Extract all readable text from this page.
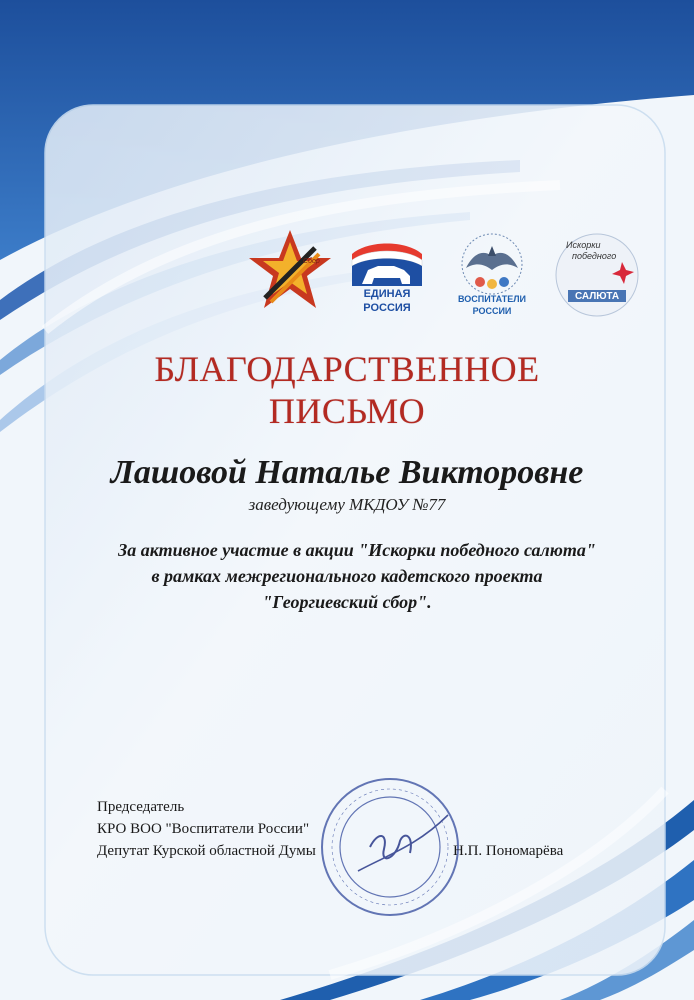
Сбор
ЕДИНАЯ
РОССИЯ
ВОСПИТАТЕЛИ
РОССИИ
Искорки
победного
САЛЮТА
БЛАГОДАРСТВЕННОЕ
ПИСЬМО
Лашовой Наталье Викторовне
заведующему МКДОУ №77
За активное участие в акции "Искорки победного салюта"
в рамках межрегионального кадетского проекта
"Георгиевский сбор".
Председатель
КРО ВОО "Воспитатели России"
Депутат Курской областной Думы	Н.П. Пономарёва
